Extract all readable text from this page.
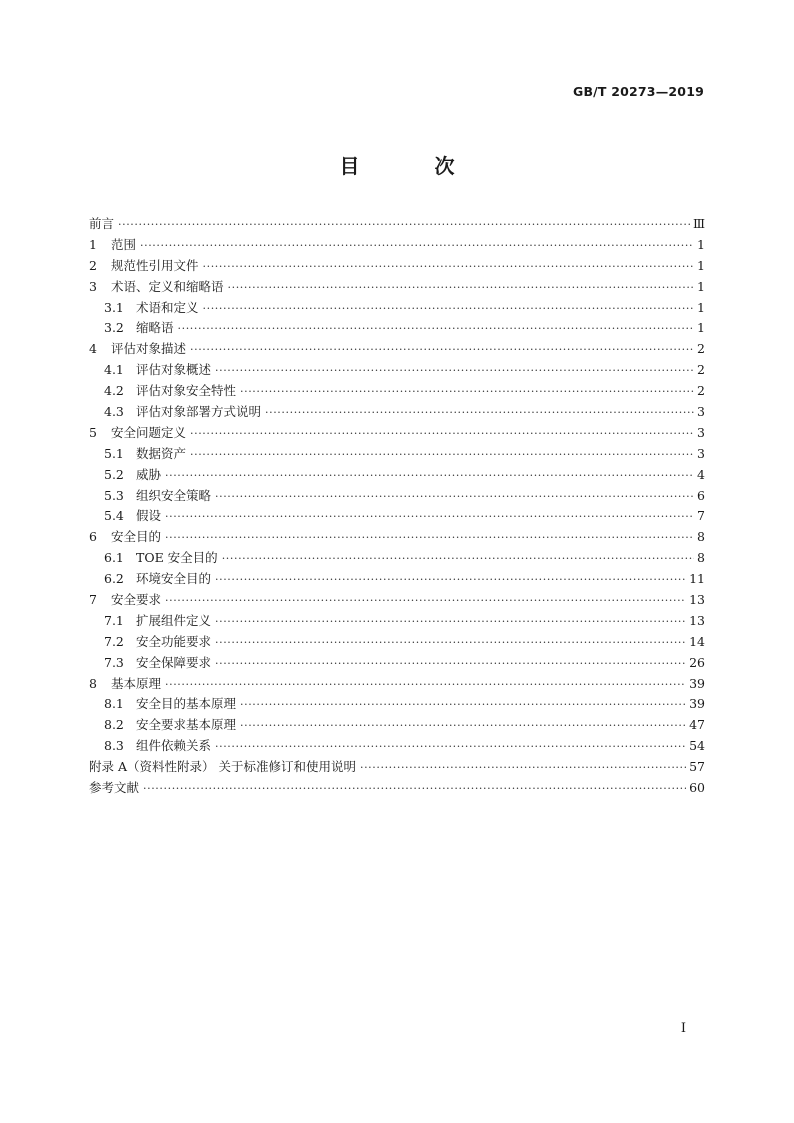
GB/T 20273—2019
目 次
前言 ·····	Ⅲ
1	范围 ·····	1
2	规范性引用文件 ·····	1
3	术语、定义和缩略语 ·····	1
3.1 术语和定义 ·····	1
3.2 缩略语 ·····	1
4	评估对象描述 ·····	2
4.1 评估对象概述 ·····	2
4.2 评估对象安全特性 ·····	2
4.3 评估对象部署方式说明 ·····	3
5	安全问题定义 ·····	3
5.1 数据资产 ·····	3
5.2 威胁 ·····	4
5.3 组织安全策略 ·····	6
5.4 假设 ·····	7
6	安全目的 ·····	8
6.1 TOE 安全目的 ·····	8
6.2 环境安全目的 ·····	11
7	安全要求 ·····	13
7.1 扩展组件定义 ·····	13
7.2 安全功能要求 ·····	14
7.3 安全保障要求 ·····	26
8	基本原理 ·····	39
8.1 安全目的基本原理 ·····	39
8.2 安全要求基本原理 ·····	47
8.3 组件依赖关系 ·····	54
附录 A（资料性附录） 关于标准修订和使用说明 ·····	57
参考文献 ·····	60
I
